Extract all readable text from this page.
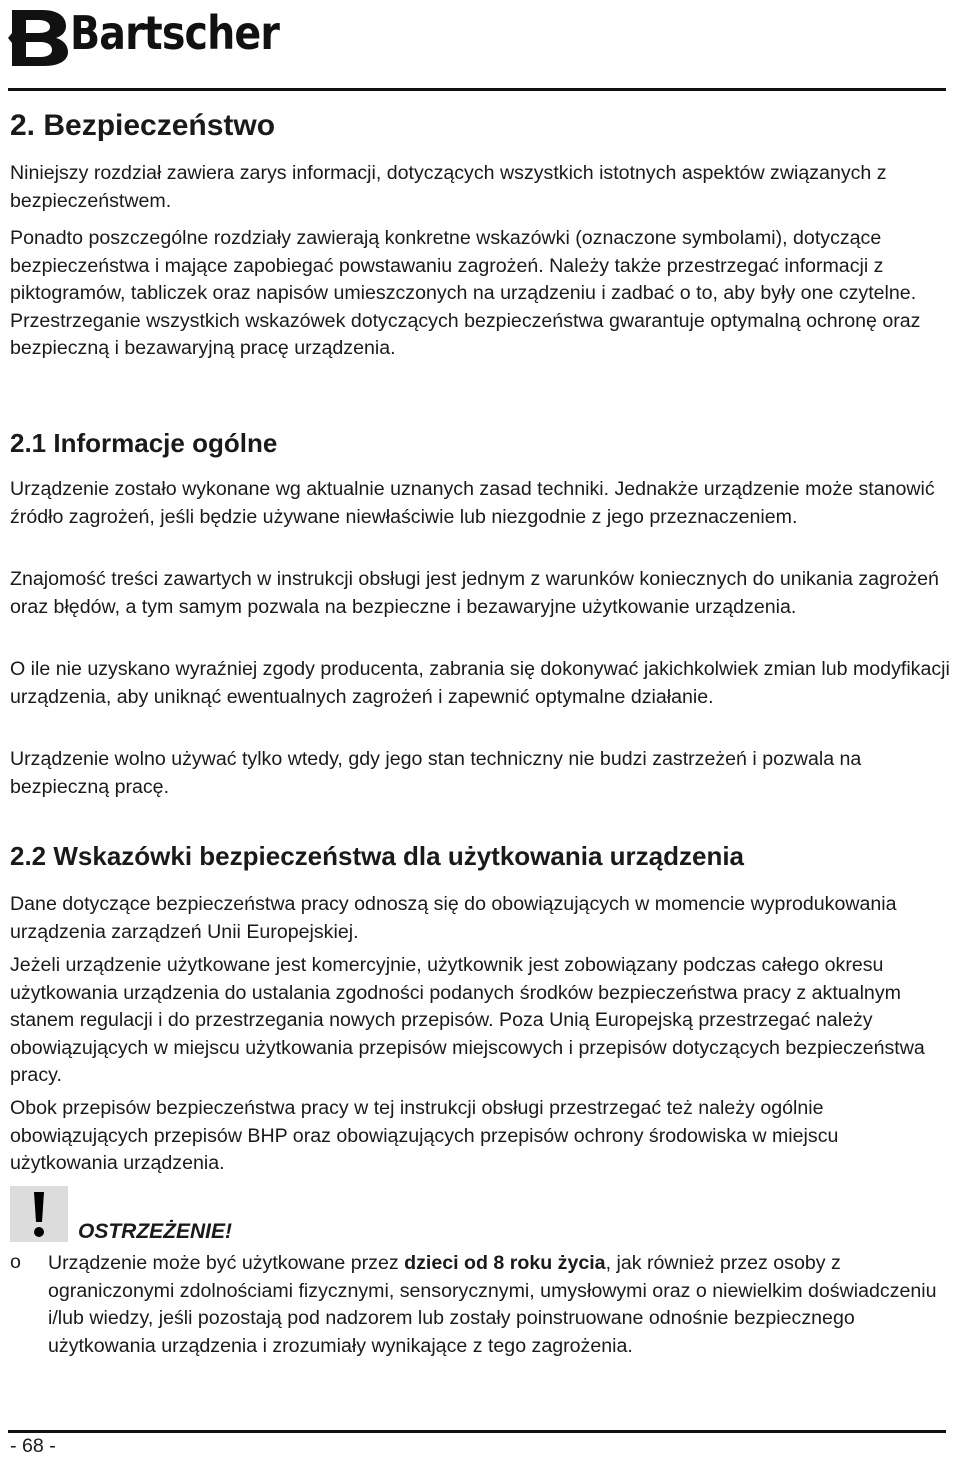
Bartscher
2. Bezpieczeństwo

Niniejszy rozdział zawiera zarys informacji, dotyczących wszystkich istotnych aspektów związanych z bezpieczeństwem.

Ponadto poszczególne rozdziały zawierają konkretne wskazówki (oznaczone symbolami), dotyczące bezpieczeństwa i mające zapobiegać powstawaniu zagrożeń. Należy także przestrzegać informacji z piktogramów, tabliczek oraz napisów umieszczonych na urządzeniu i zadbać o to, aby były one czytelne. Przestrzeganie wszystkich wskazówek dotyczących bezpieczeństwa gwarantuje optymalną ochronę oraz bezpieczną i bezawaryjną pracę urządzenia.

2.1 Informacje ogólne

Urządzenie zostało wykonane wg aktualnie uznanych zasad techniki. Jednakże urządzenie może stanowić źródło zagrożeń, jeśli będzie używane niewłaściwie lub niezgodnie z jego przeznaczeniem.

Znajomość treści zawartych w instrukcji obsługi jest jednym z warunków koniecznych do unikania zagrożeń oraz błędów, a tym samym pozwala na bezpieczne i bezawaryjne użytkowanie urządzenia.

O ile nie uzyskano wyraźniej zgody producenta, zabrania się dokonywać jakichkolwiek zmian lub modyfikacji urządzenia, aby uniknąć ewentualnych zagrożeń i zapewnić optymalne działanie.

Urządzenie wolno używać tylko wtedy, gdy jego stan techniczny nie budzi zastrzeżeń i pozwala na bezpieczną pracę.

2.2 Wskazówki bezpieczeństwa dla użytkowania urządzenia

Dane dotyczące bezpieczeństwa pracy odnoszą się do obowiązujących w momencie wyprodukowania urządzenia zarządzeń Unii Europejskiej.

Jeżeli urządzenie użytkowane jest komercyjnie, użytkownik jest zobowiązany podczas całego okresu użytkowania urządzenia do ustalania zgodności podanych środków bezpieczeństwa pracy z aktualnym stanem regulacji i do przestrzegania nowych przepisów. Poza Unią Europejską przestrzegać należy obowiązujących w miejscu użytkowania przepisów miejscowych i przepisów dotyczących bezpieczeństwa pracy.

Obok przepisów bezpieczeństwa pracy w tej instrukcji obsługi przestrzegać też należy ogólnie obowiązujących przepisów BHP oraz obowiązujących przepisów ochrony środowiska w miejscu użytkowania urządzenia.

OSTRZEŻENIE!
o Urządzenie może być użytkowane przez dzieci od 8 roku życia, jak również przez osoby z ograniczonymi zdolnościami fizycznymi, sensorycznymi, umysłowymi oraz o niewielkim doświadczeniu i/lub wiedzy, jeśli pozostają pod nadzorem lub zostały poinstruowane odnośnie bezpiecznego użytkowania urządzenia i zrozumiały wynikające z tego zagrożenia.
- 68 -
